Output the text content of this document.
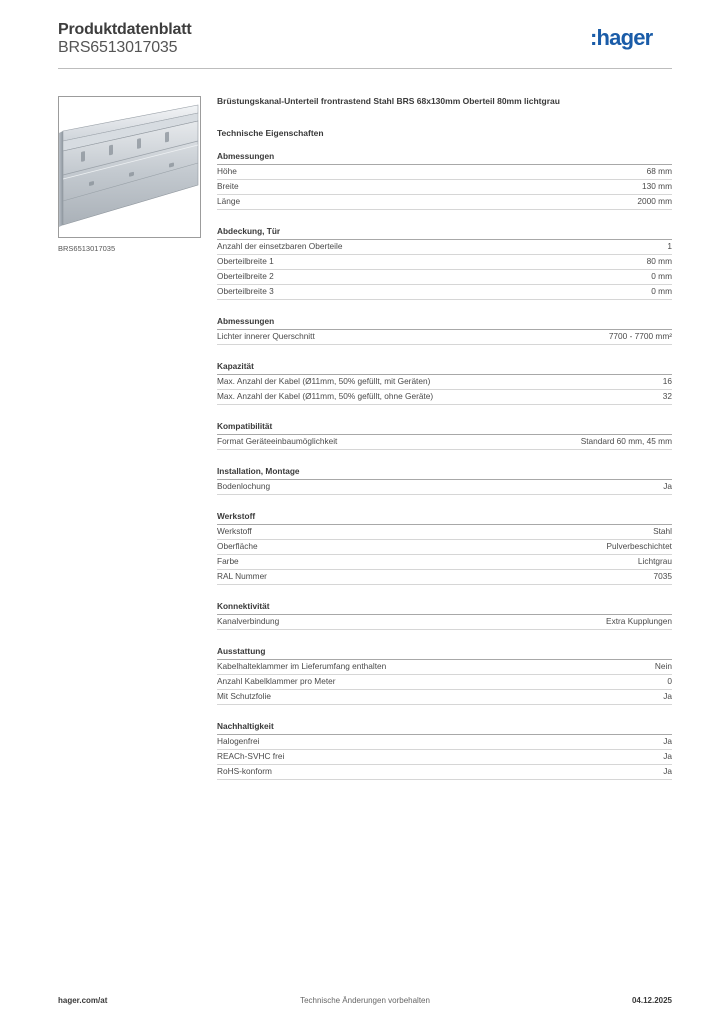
Produktdatenblatt
BRS6513017035	:hager
BRS6513017035
Brüstungskanal-Unterteil frontrastend Stahl BRS 68x130mm Oberteil 80mm lichtgrau
Technische Eigenschaften
Abmessungen
Höhe	68 mm
Breite	130 mm
Länge	2000 mm
Abdeckung, Tür
Anzahl der einsetzbaren Oberteile	1
Oberteilbreite 1	80 mm
Oberteilbreite 2	0 mm
Oberteilbreite 3	0 mm
Abmessungen
Lichter innerer Querschnitt	7700 - 7700 mm²
Kapazität
Max. Anzahl der Kabel (Ø11mm, 50% gefüllt, mit Geräten)	16
Max. Anzahl der Kabel (Ø11mm, 50% gefüllt, ohne Geräte)	32
Kompatibilität
Format Geräteeinbaumöglichkeit	Standard 60 mm, 45 mm
Installation, Montage
Bodenlochung	Ja
Werkstoff
Werkstoff	Stahl
Oberfläche	Pulverbeschichtet
Farbe	Lichtgrau
RAL Nummer	7035
Konnektivität
Kanalverbindung	Extra Kupplungen
Ausstattung
Kabelhalteklammer im Lieferumfang enthalten	Nein
Anzahl Kabelklammer pro Meter	0
Mit Schutzfolie	Ja
Nachhaltigkeit
Halogenfrei	Ja
REACh-SVHC frei	Ja
RoHS-konform	Ja
Technische Änderungen vorbehalten
hager.com/at	04.12.2025
